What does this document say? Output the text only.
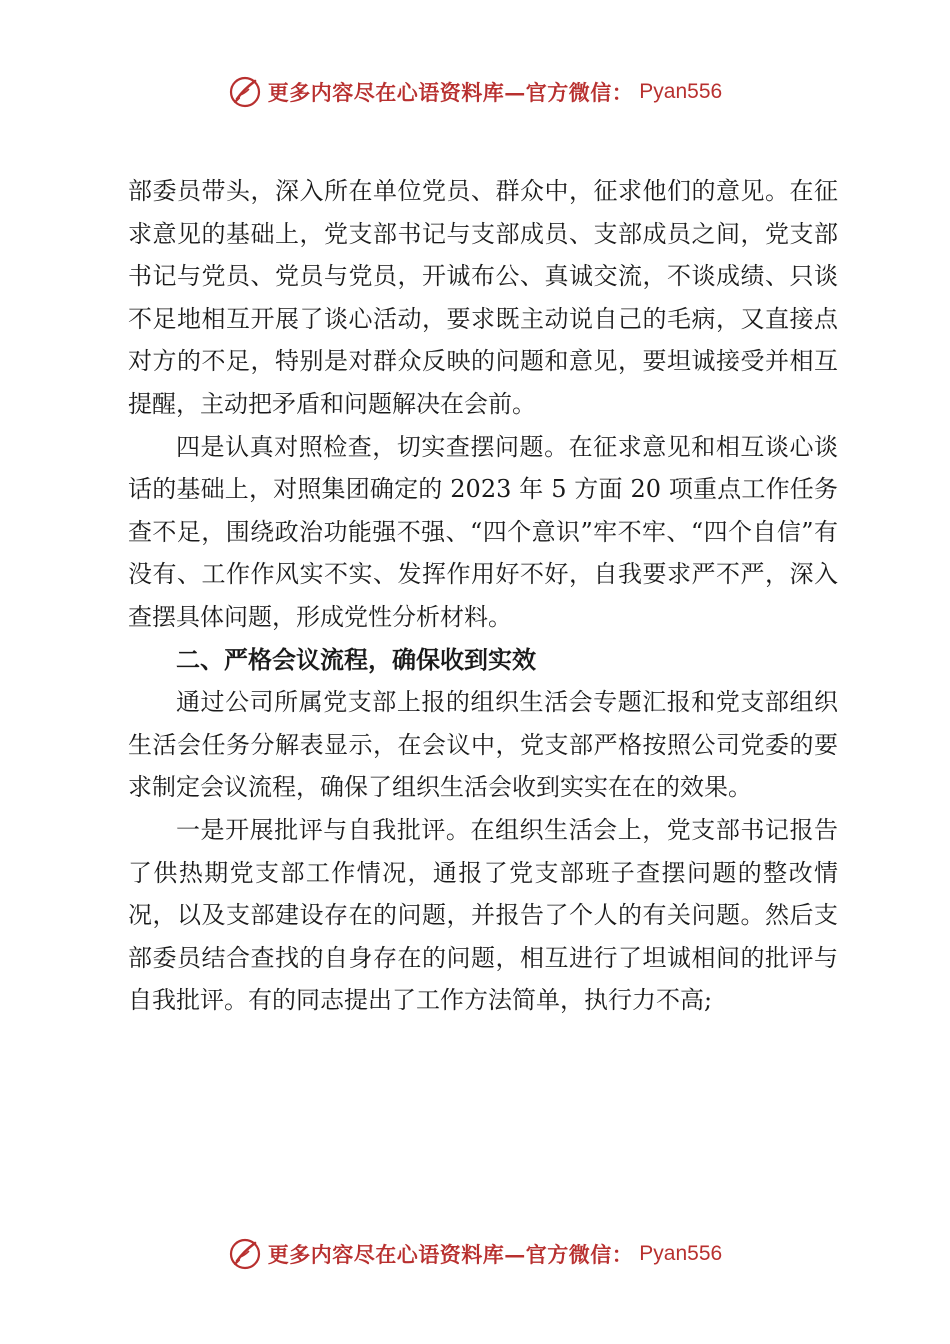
更多内容尽在心语资料库—官方微信： Pyan556

部委员带头，深入所在单位党员、群众中，征求他们的意见。在征求意见的基础上，党支部书记与支部成员、支部成员之间，党支部书记与党员、党员与党员，开诚布公、真诚交流，不谈成绩、只谈不足地相互开展了谈心活动，要求既主动说自己的毛病，又直接点对方的不足，特别是对群众反映的问题和意见，要坦诚接受并相互提醒，主动把矛盾和问题解决在会前。

四是认真对照检查，切实查摆问题。在征求意见和相互谈心谈话的基础上，对照集团确定的 2023 年 5 方面 20 项重点工作任务查不足，围绕政治功能强不强、“四个意识”牢不牢、“四个自信”有没有、工作作风实不实、发挥作用好不好，自我要求严不严，深入查摆具体问题，形成党性分析材料。

二、严格会议流程，确保收到实效

通过公司所属党支部上报的组织生活会专题汇报和党支部组织生活会任务分解表显示，在会议中，党支部严格按照公司党委的要求制定会议流程，确保了组织生活会收到实实在在的效果。

一是开展批评与自我批评。在组织生活会上，党支部书记报告了供热期党支部工作情况，通报了党支部班子查摆问题的整改情况，以及支部建设存在的问题，并报告了个人的有关问题。然后支部委员结合查找的自身存在的问题，相互进行了坦诚相间的批评与自我批评。有的同志提出了工作方法简单，执行力不高;

更多内容尽在心语资料库—官方微信： Pyan556
